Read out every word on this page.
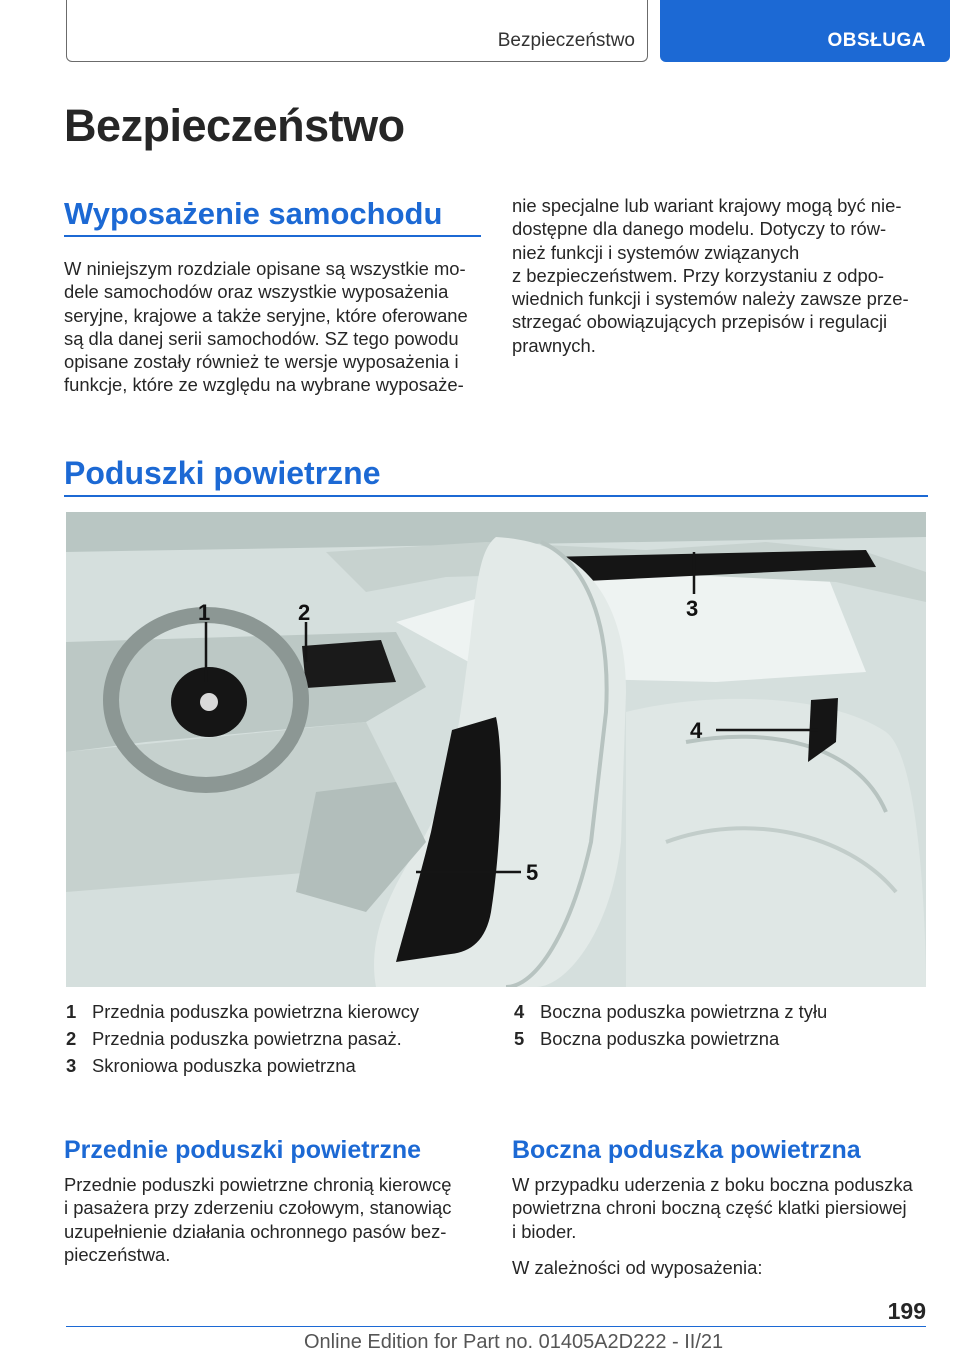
Bezpieczeństwo	OBSŁUGA
Bezpieczeństwo
Wyposażenie samochodu

W niniejszym rozdziale opisane są wszystkie mo‐
dele samochodów oraz wszystkie wyposażenia
seryjne, krajowe a także seryjne, które oferowane
są dla danej serii samochodów. SZ tego powodu
opisane zostały również te wersje wyposażenia i
funkcje, które ze względu na wybrane wyposaże‐

nie specjalne lub wariant krajowy mogą być nie‐
dostępne dla danego modelu. Dotyczy to rów‐
nież funkcji i systemów związanych
z bezpieczeństwem. Przy korzystaniu z odpo‐
wiednich funkcji i systemów należy zawsze prze‐
strzegać obowiązujących przepisów i regulacji
prawnych.

Poduszki powietrzne
1	2	3
4
5
1 Przednia poduszka powietrzna kierowcy
2 Przednia poduszka powietrzna pasaż.
3 Skroniowa poduszka powietrzna
4 Boczna poduszka powietrzna z tyłu
5 Boczna poduszka powietrzna
Przednie poduszki powietrzne

Przednie poduszki powietrzne chronią kierowcę
i pasażera przy zderzeniu czołowym, stanowiąc
uzupełnienie działania ochronnego pasów bez‐
pieczeństwa.

Boczna poduszka powietrzna

W przypadku uderzenia z boku boczna poduszka
powietrzna chroni boczną część klatki piersiowej
i bioder.

W zależności od wyposażenia:

199
Online Edition for Part no. 01405A2D222 - II/21
